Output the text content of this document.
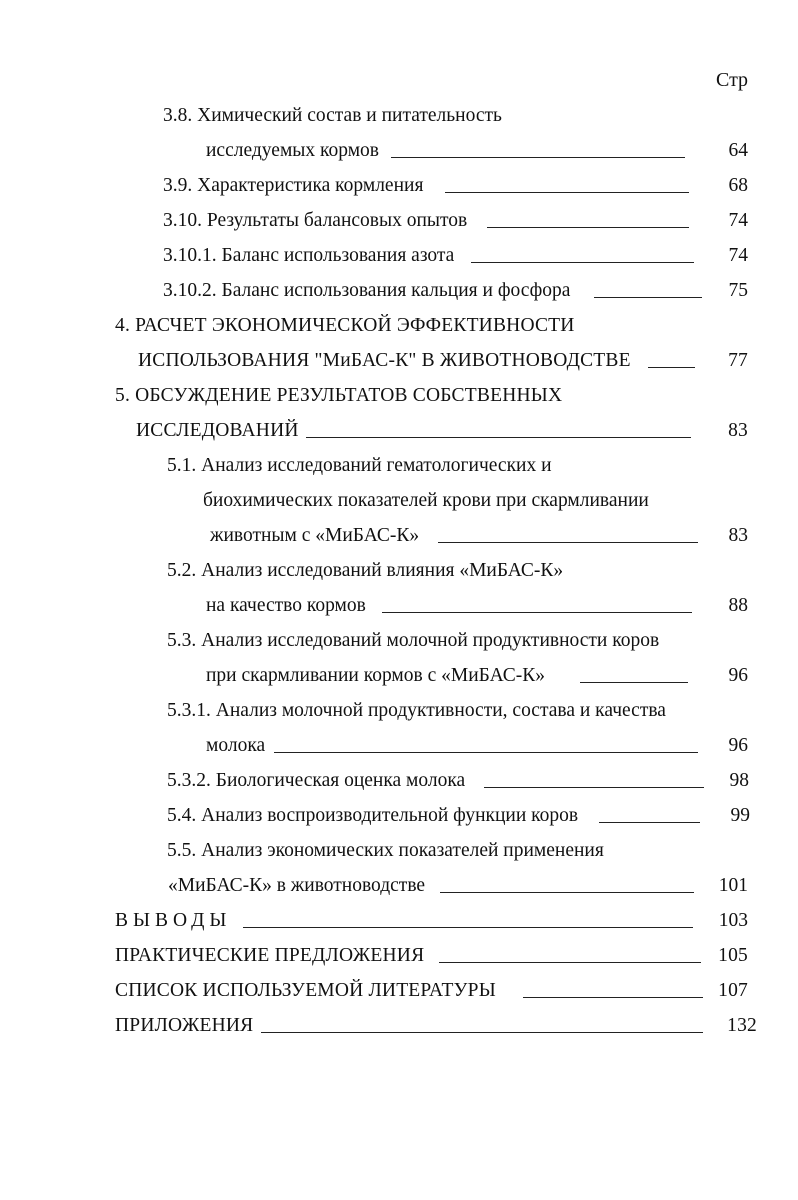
Стр
3.8. Химический состав и питательность
исследуемых кормов	64
3.9. Характеристика кормления	68
3.10. Результаты балансовых опытов	74
3.10.1. Баланс использования азота	74
3.10.2. Баланс использования кальция и фосфора	75
4. РАСЧЕТ ЭКОНОМИЧЕСКОЙ ЭФФЕКТИВНОСТИ
ИСПОЛЬЗОВАНИЯ "МиБАС-К" В ЖИВОТНОВОДСТВЕ	77
5. ОБСУЖДЕНИЕ РЕЗУЛЬТАТОВ СОБСТВЕННЫХ
ИССЛЕДОВАНИЙ	83
5.1. Анализ исследований гематологических и
биохимических показателей крови при скармливании
животным с «МиБАС-К»	83
5.2. Анализ исследований влияния «МиБАС-К»
на качество кормов	88
5.3. Анализ исследований молочной продуктивности коров
при скармливании кормов с «МиБАС-К»	96
5.3.1. Анализ молочной продуктивности, состава и качества
молока	96
5.3.2. Биологическая оценка молока	98
5.4. Анализ воспроизводительной функции коров	99
5.5. Анализ экономических показателей применения
«МиБАС-К» в животноводстве	101
ВЫВОДЫ	103
ПРАКТИЧЕСКИЕ ПРЕДЛОЖЕНИЯ	105
СПИСОК ИСПОЛЬЗУЕМОЙ ЛИТЕРАТУРЫ	107
ПРИЛОЖЕНИЯ	132
